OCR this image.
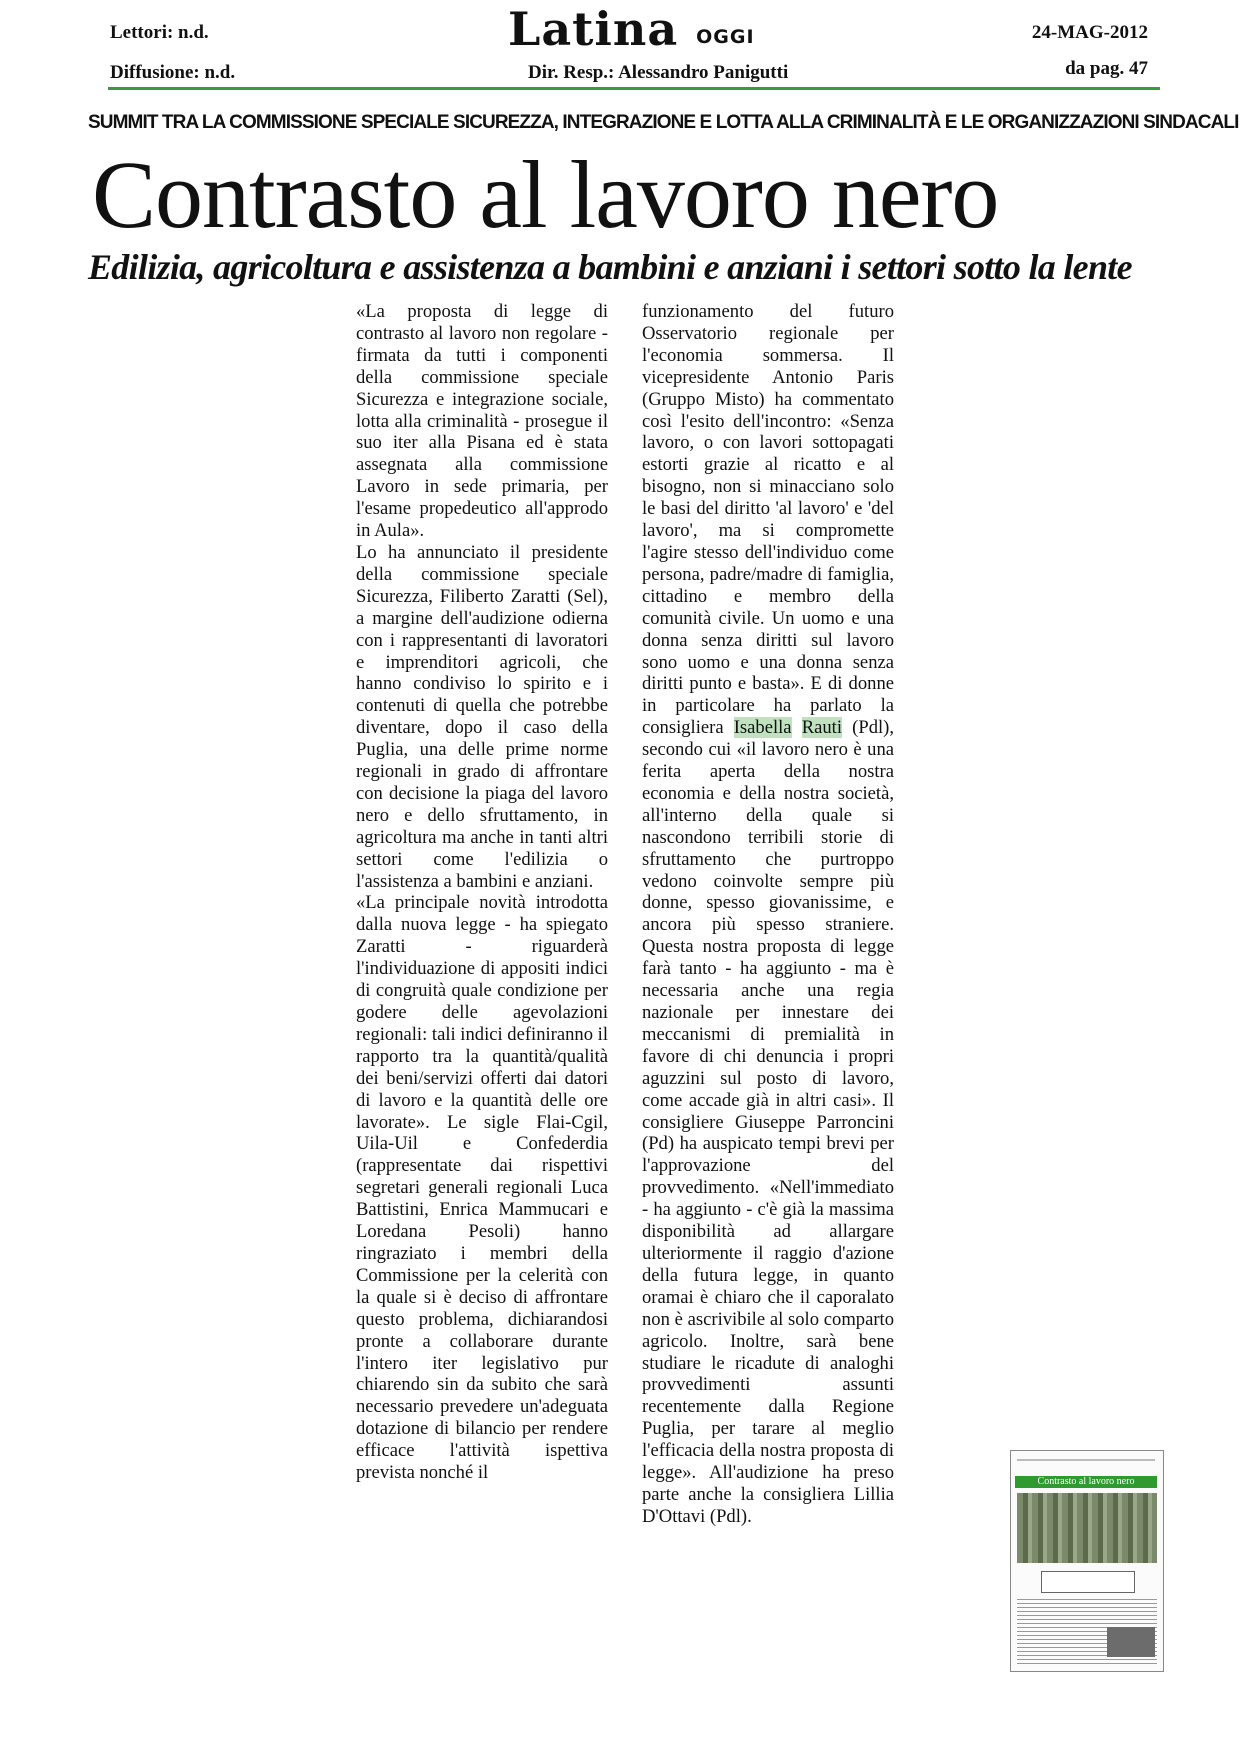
Lettori: n.d.
Diffusione: n.d.
Latina OGGI
Dir. Resp.: Alessandro Panigutti
24-MAG-2012
da pag. 47
SUMMIT TRA LA COMMISSIONE SPECIALE SICUREZZA, INTEGRAZIONE E LOTTA ALLA CRIMINALITÀ E LE ORGANIZZAZIONI SINDACALI
Contrasto al lavoro nero
Edilizia, agricoltura e assistenza a bambini e anziani i settori sotto la lente

«La proposta di legge di contrasto al lavoro non regolare - firmata da tutti i componenti della commissione speciale Sicurezza e integrazione sociale, lotta alla criminalità - prosegue il suo iter alla Pisana ed è stata assegnata alla commissione Lavoro in sede primaria, per l'esame propedeutico all'approdo in Aula».

Lo ha annunciato il presidente della commissione speciale Sicurezza, Filiberto Zaratti (Sel), a margine dell'audizione odierna con i rappresentanti di lavoratori e imprenditori agricoli, che hanno condiviso lo spirito e i contenuti di quella che potrebbe diventare, dopo il caso della Puglia, una delle prime norme regionali in grado di affrontare con decisione la piaga del lavoro nero e dello sfruttamento, in agricoltura ma anche in tanti altri settori come l'edilizia o l'assistenza a bambini e anziani.

«La principale novità introdotta dalla nuova legge - ha spiegato Zaratti - riguarderà l'individuazione di appositi indici di congruità quale condizione per godere delle agevolazioni regionali: tali indici definiranno il rapporto tra la quantità/qualità dei beni/servizi offerti dai datori di lavoro e la quantità delle ore lavorate». Le sigle Flai-Cgil, Uila-Uil e Confederdia (rappresentate dai rispettivi segretari generali regionali Luca Battistini, Enrica Mammucari e Loredana Pesoli) hanno ringraziato i membri della Commissione per la celerità con la quale si è deciso di affrontare questo problema, dichiarandosi pronte a collaborare durante l'intero iter legislativo pur chiarendo sin da subito che sarà necessario prevedere un'adeguata dotazione di bilancio per rendere efficace l'attività ispettiva prevista nonché il

funzionamento del futuro Osservatorio regionale per l'economia sommersa. Il vicepresidente Antonio Paris (Gruppo Misto) ha commentato così l'esito dell'incontro: «Senza lavoro, o con lavori sottopagati estorti grazie al ricatto e al bisogno, non si minacciano solo le basi del diritto 'al lavoro' e 'del lavoro', ma si compromette l'agire stesso dell'individuo come persona, padre/madre di famiglia, cittadino e membro della comunità civile. Un uomo e una donna senza diritti sul lavoro sono uomo e una donna senza diritti punto e basta». E di donne in particolare ha parlato la consigliera Isabella Rauti (Pdl), secondo cui «il lavoro nero è una ferita aperta della nostra economia e della nostra società, all'interno della quale si nascondono terribili storie di sfruttamento che purtroppo vedono coinvolte sempre più donne, spesso giovanissime, e ancora più spesso straniere. Questa nostra proposta di legge farà tanto - ha aggiunto - ma è necessaria anche una regia nazionale per innestare dei meccanismi di premialità in favore di chi denuncia i propri aguzzini sul posto di lavoro, come accade già in altri casi». Il consigliere Giuseppe Parroncini (Pd) ha auspicato tempi brevi per l'approvazione del provvedimento. «Nell'immediato - ha aggiunto - c'è già la massima disponibilità ad allargare ulteriormente il raggio d'azione della futura legge, in quanto oramai è chiaro che il caporalato non è ascrivibile al solo comparto agricolo. Inoltre, sarà bene studiare le ricadute di analoghi provvedimenti assunti recentemente dalla Regione Puglia, per tarare al meglio l'efficacia della nostra proposta di legge». All'audizione ha preso parte anche la consigliera Lillia D'Ottavi (Pdl).

Contrasto al lavoro nero
